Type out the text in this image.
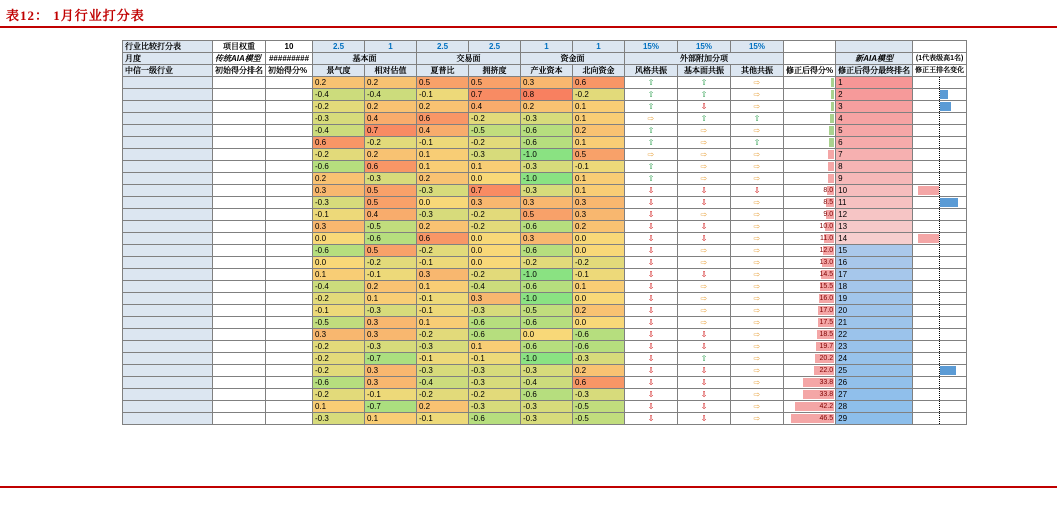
表12： 1月行业打分表
行业比较打分表	项目权重	10	2.5	1	2.5	2.5	1	1	15%	15%	15%			
月度	传统AIA模型	#########	基本面		交易面		资金面		外部附加分项				新AIA模型	(1代表级高1名)
中信一级行业	初始得分排名	初始得分%	景气度	相对估值	夏普比	拥挤度	产业资本	北向资金	风格共振	基本面共振	其他共振	修正后得分%	修正后得分最终排名	修正王排名变化
			0.2	0.2	0.5	0.5	0.3	0.6	⇧	⇧	⇨		1	

			-0.4	-0.4	-0.1	0.7	0.8	-0.2	⇧	⇧	⇨		2	

			-0.2	0.2	0.2	0.4	0.2	0.1	⇧	⇩	⇨		3	

			-0.3	0.4	0.6	-0.2	-0.3	0.1	⇨	⇧	⇧		4	

			-0.4	0.7	0.4	-0.5	-0.6	0.2	⇧	⇨	⇨		5	

			0.6	-0.2	-0.1	-0.2	-0.6	0.1	⇧	⇨	⇧		6	

			-0.2	0.2	0.1	-0.3	-1.0	0.5	⇨	⇨	⇨		7	

			-0.6	0.6	0.1	0.1	-0.3	-0.1	⇧	⇨	⇨		8	

			0.2	-0.3	0.2	0.0	-1.0	0.1	⇧	⇨	⇨		9	

			0.3	0.5	-0.3	0.7	-0.3	0.1	⇩	⇩	⇩	8.0	10	

			-0.3	0.5	0.0	0.3	0.3	0.3	⇩	⇩	⇨	8.5	11	

			-0.1	0.4	-0.3	-0.2	0.5	0.3	⇩	⇨	⇨	9.0	12	

			0.3	-0.5	0.2	-0.2	-0.6	0.2	⇩	⇩	⇨	10.0	13	

			0.0	-0.6	0.6	0.0	0.3	0.0	⇩	⇩	⇨	11.0	14	

			-0.6	0.5	-0.2	0.0	-0.6	0.0	⇩	⇨	⇨	12.0	15	

			0.0	-0.2	-0.1	0.0	-0.2	-0.2	⇩	⇨	⇨	13.0	16	

			0.1	-0.1	0.3	-0.2	-1.0	-0.1	⇩	⇩	⇨	14.5	17	

			-0.4	0.2	0.1	-0.4	-0.6	0.1	⇩	⇨	⇨	15.5	18	

			-0.2	0.1	-0.1	0.3	-1.0	0.0	⇩	⇨	⇨	16.0	19	

			-0.1	-0.3	-0.1	-0.3	-0.5	0.2	⇩	⇨	⇨	17.0	20	

			-0.5	0.3	0.1	-0.6	-0.6	0.0	⇩	⇨	⇨	17.5	21	

			0.3	0.3	-0.2	-0.6	0.0	-0.6	⇩	⇩	⇨	18.5	22	

			-0.2	-0.3	-0.3	0.1	-0.6	-0.6	⇩	⇩	⇨	19.7	23	

			-0.2	-0.7	-0.1	-0.1	-1.0	-0.3	⇩	⇧	⇨	20.2	24	

			-0.2	0.3	-0.3	-0.3	-0.3	0.2	⇩	⇩	⇨	22.0	25	

			-0.6	0.3	-0.4	-0.3	-0.4	0.6	⇩	⇩	⇨	33.8	26	

			-0.2	-0.1	-0.2	-0.2	-0.6	-0.3	⇩	⇩	⇨	33.8	27	

			0.1	-0.7	0.2	-0.3	-0.3	-0.5	⇩	⇩	⇨	42.2	28	

			-0.3	0.1	-0.1	-0.6	-0.3	-0.5	⇩	⇩	⇨	46.5	29	
